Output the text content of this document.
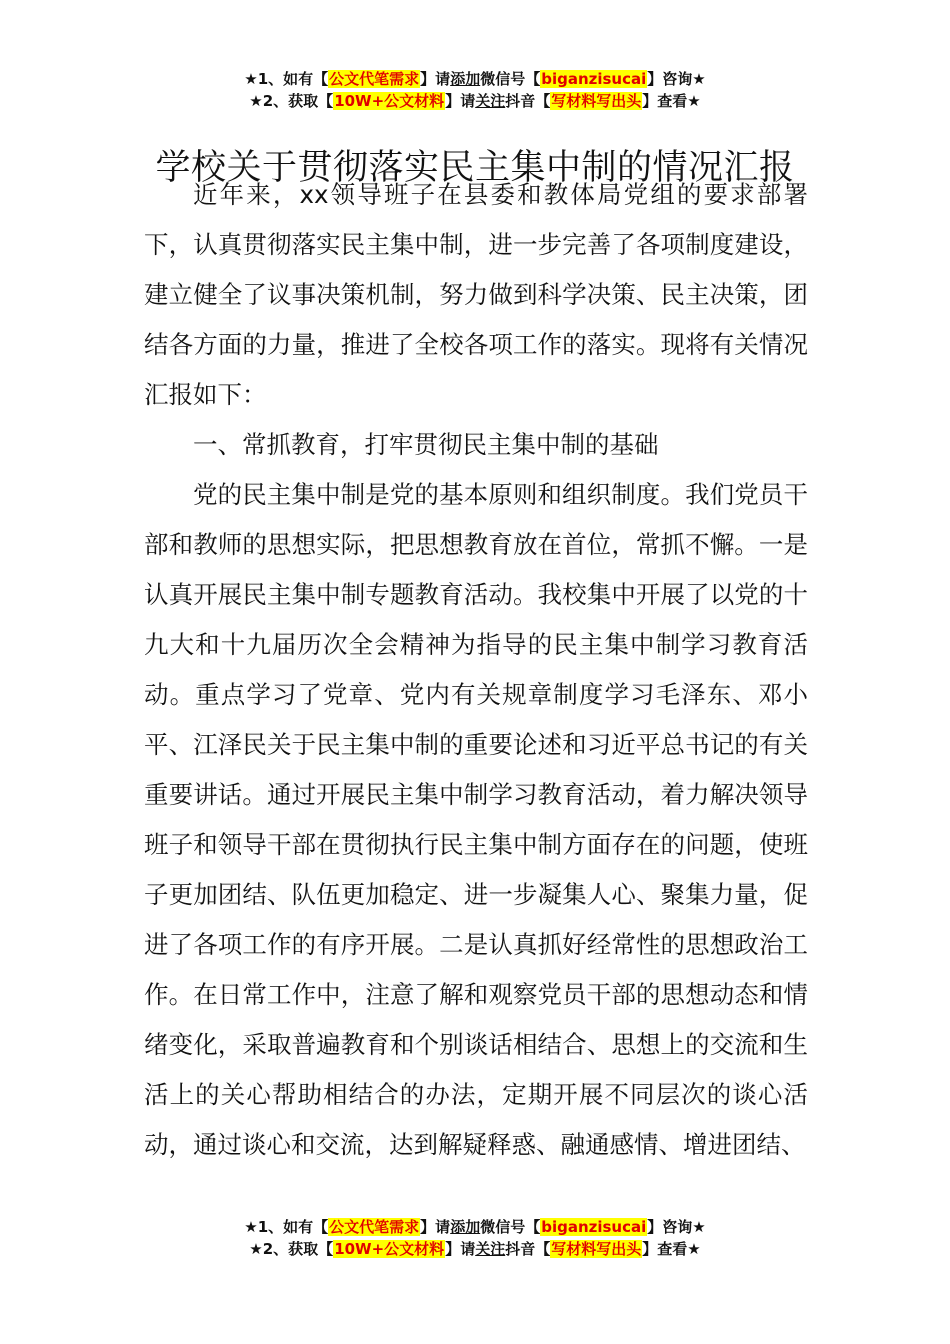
★1、如有【公文代笔需求】请添加微信号【biganzisucai】咨询★
★2、获取【10W+公文材料】请关注抖音【写材料写出头】查看★
学校关于贯彻落实民主集中制的情况汇报

近年来，xx领导班子在县委和教体局党组的要求部署下，认真贯彻落实民主集中制，进一步完善了各项制度建设，建立健全了议事决策机制，努力做到科学决策、民主决策，团结各方面的力量，推进了全校各项工作的落实。现将有关情况汇报如下：

一、常抓教育，打牢贯彻民主集中制的基础

党的民主集中制是党的基本原则和组织制度。我们党员干部和教师的思想实际，把思想教育放在首位，常抓不懈。一是认真开展民主集中制专题教育活动。我校集中开展了以党的十九大和十九届历次全会精神为指导的民主集中制学习教育活动。重点学习了党章、党内有关规章制度学习毛泽东、邓小平、江泽民关于民主集中制的重要论述和习近平总书记的有关重要讲话。通过开展民主集中制学习教育活动，着力解决领导班子和领导干部在贯彻执行民主集中制方面存在的问题，使班子更加团结、队伍更加稳定、进一步凝集人心、聚集力量，促进了各项工作的有序开展。二是认真抓好经常性的思想政治工作。在日常工作中，注意了解和观察党员干部的思想动态和情绪变化，采取普遍教育和个别谈话相结合、思想上的交流和生活上的关心帮助相结合的办法，定期开展不同层次的谈心活动，通过谈心和交流，达到解疑释惑、融通感情、增进团结、

★1、如有【公文代笔需求】请添加微信号【biganzisucai】咨询★
★2、获取【10W+公文材料】请关注抖音【写材料写出头】查看★
